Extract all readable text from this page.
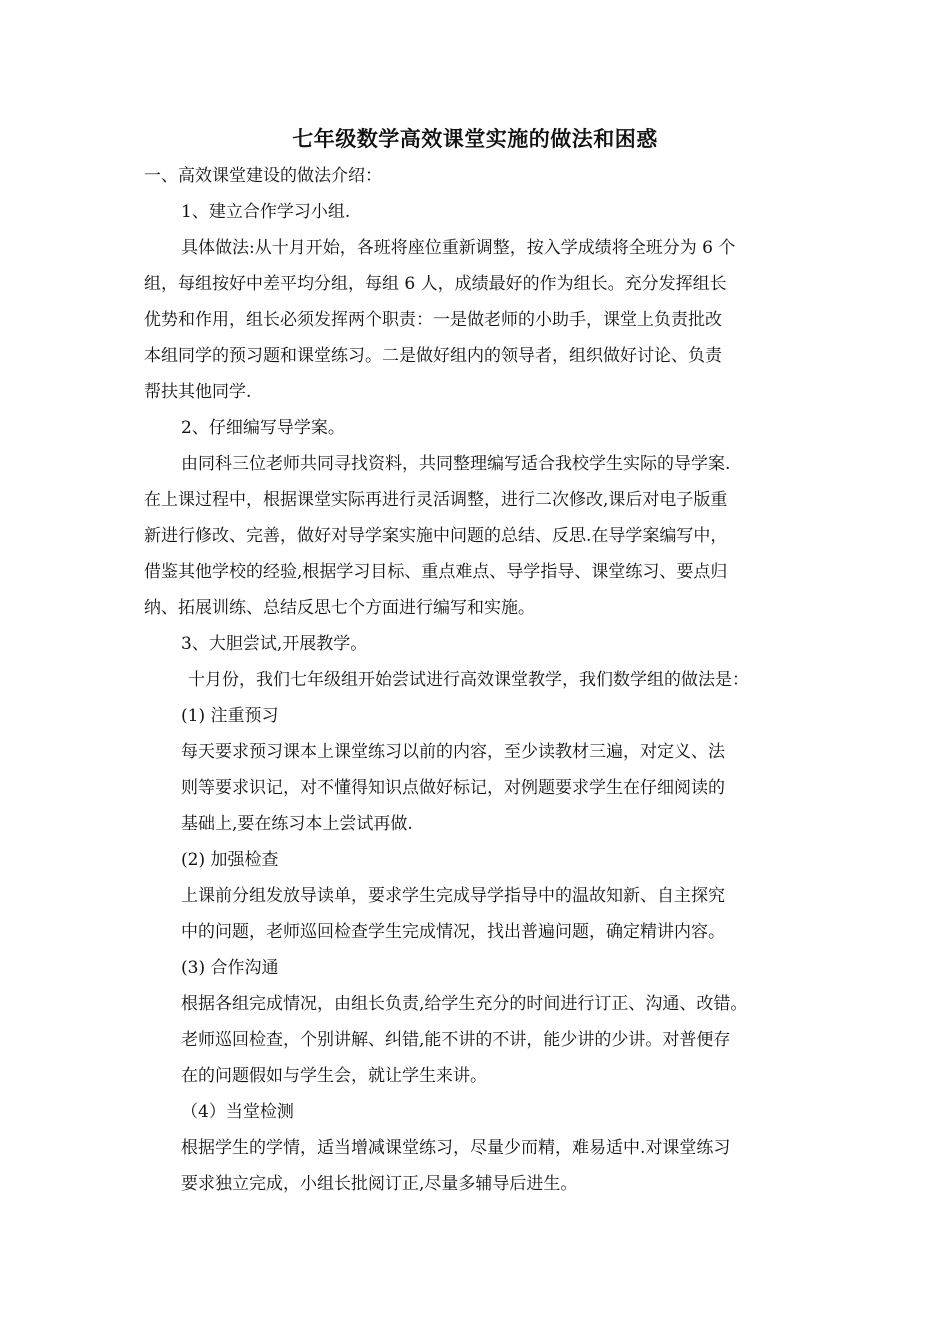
七年级数学高效课堂实施的做法和困惑
一、高效课堂建设的做法介绍：
1、建立合作学习小组.
具体做法:从十月开始，各班将座位重新调整，按入学成绩将全班分为 6 个
组，每组按好中差平均分组，每组 6 人，成绩最好的作为组长。充分发挥组长
优势和作用，组长必须发挥两个职责：一是做老师的小助手，课堂上负责批改
本组同学的预习题和课堂练习。二是做好组内的领导者，组织做好讨论、负责
帮扶其他同学.
2、仔细编写导学案。
由同科三位老师共同寻找资料，共同整理编写适合我校学生实际的导学案.
在上课过程中，根据课堂实际再进行灵活调整，进行二次修改,课后对电子版重
新进行修改、完善，做好对导学案实施中问题的总结、反思.在导学案编写中，
借鉴其他学校的经验,根据学习目标、重点难点、导学指导、课堂练习、要点归
纳、拓展训练、总结反思七个方面进行编写和实施。
3、大胆尝试,开展教学。
十月份，我们七年级组开始尝试进行高效课堂教学，我们数学组的做法是：
(1) 注重预习
每天要求预习课本上课堂练习以前的内容，至少读教材三遍，对定义、法
则等要求识记，对不懂得知识点做好标记，对例题要求学生在仔细阅读的
基础上,要在练习本上尝试再做.
(2) 加强检查
上课前分组发放导读单，要求学生完成导学指导中的温故知新、自主探究
中的问题，老师巡回检查学生完成情况，找出普遍问题，确定精讲内容。
(3) 合作沟通
根据各组完成情况，由组长负责,给学生充分的时间进行订正、沟通、改错。
老师巡回检查，个别讲解、纠错,能不讲的不讲，能少讲的少讲。对普便存
在的问题假如与学生会，就让学生来讲。
（4）当堂检测
根据学生的学情，适当增减课堂练习，尽量少而精，难易适中.对课堂练习
要求独立完成，小组长批阅订正,尽量多辅导后进生。
